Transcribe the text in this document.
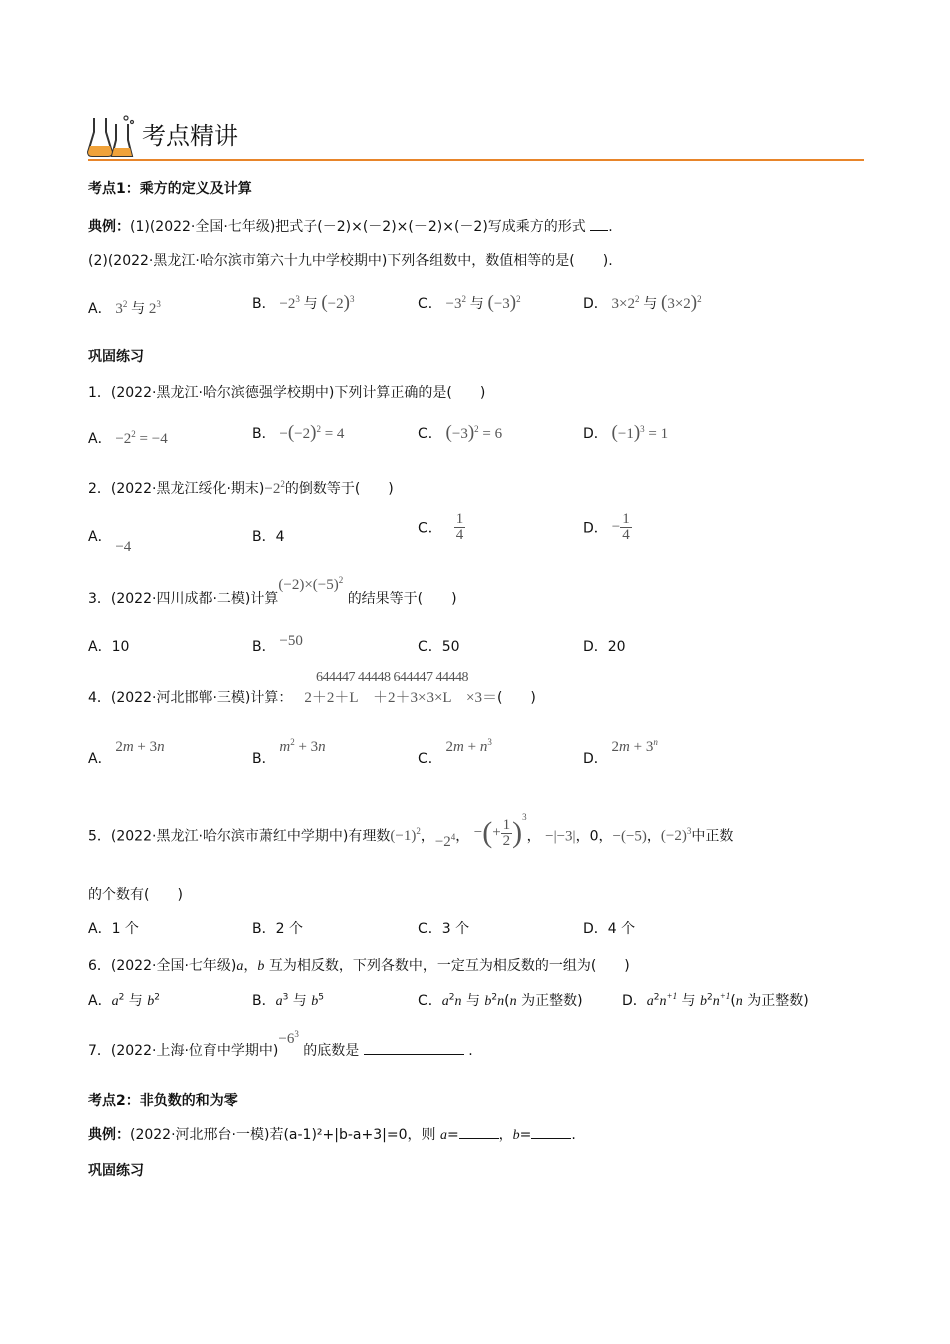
考点精讲
考点1：乘方的定义及计算
典例：(1)(2022·全国·七年级)把式子(－2)×(－2)×(－2)×(－2)写成乘方的形式 .
(2)(2022·黑龙江·哈尔滨市第六十九中学校期中)下列各组数中，数值相等的是(　　).
A． $3^2$ 与 $2^3$	B． $-2^3$ 与 $(-2)^3$	C． $-3^2$ 与 $(-3)^2$	D． $3\times 2^2$ 与 $(3\times 2)^2$
巩固练习
1．(2022·黑龙江·哈尔滨德强学校期中)下列计算正确的是(　　)
A． $-2^2 = -4$	B． $-(-2)^2 = 4$	C． $(-3)^2 = 6$	D． $(-1)^3 = 1$
2．(2022·黑龙江绥化·期末)$-2^2$的倒数等于(　　)
A． −4
B．4
C． $\frac{1}{4}$	D． − $\frac{1}{4}$
3．(2022·四川成都·二模)计算$(-2)\times(-5)^2$ 的结果等于(　　)
A．10	B． −50	C．50	D．20
644447 44448 644447 44448
4．(2022·河北邯郸·三模)计算： 2＋2＋L　＋2＋3×3×L　×3＝(　　)
A． 2m + 3n
B． $m^2 + 3n$
C． $2m + n^3$
D． $2m + 3^n$
5．(2022·黑龙江·哈尔滨市萧红中学期中)有理数$(-1)^2$，$-2^4$， −(+ $\frac{1}{2} )^3$， −|−3|，0，−(−5)，$(-2)^3$中正数
的个数有(　　)
A．1 个	B．2 个	C．3 个	D．4 个
6．(2022·全国·七年级)a，b 互为相反数，下列各数中，一定互为相反数的一组为(　　)
A．$a^2$ 与 $b^2$	B．$a^3$ 与 $b^5$	C．$a^2n$ 与 $b^2n(n$ 为正整数)	D．$a^2n^{+1}$ 与 $b^2n^{+1}(n$ 为正整数)
7．(2022·上海·位育中学期中)$-6^3$ 的底数是	.
考点2：非负数的和为零
典例：(2022·河北邢台·一模)若(a-1)²+|b-a+3|=0，则 a=	，b=	.
巩固练习
